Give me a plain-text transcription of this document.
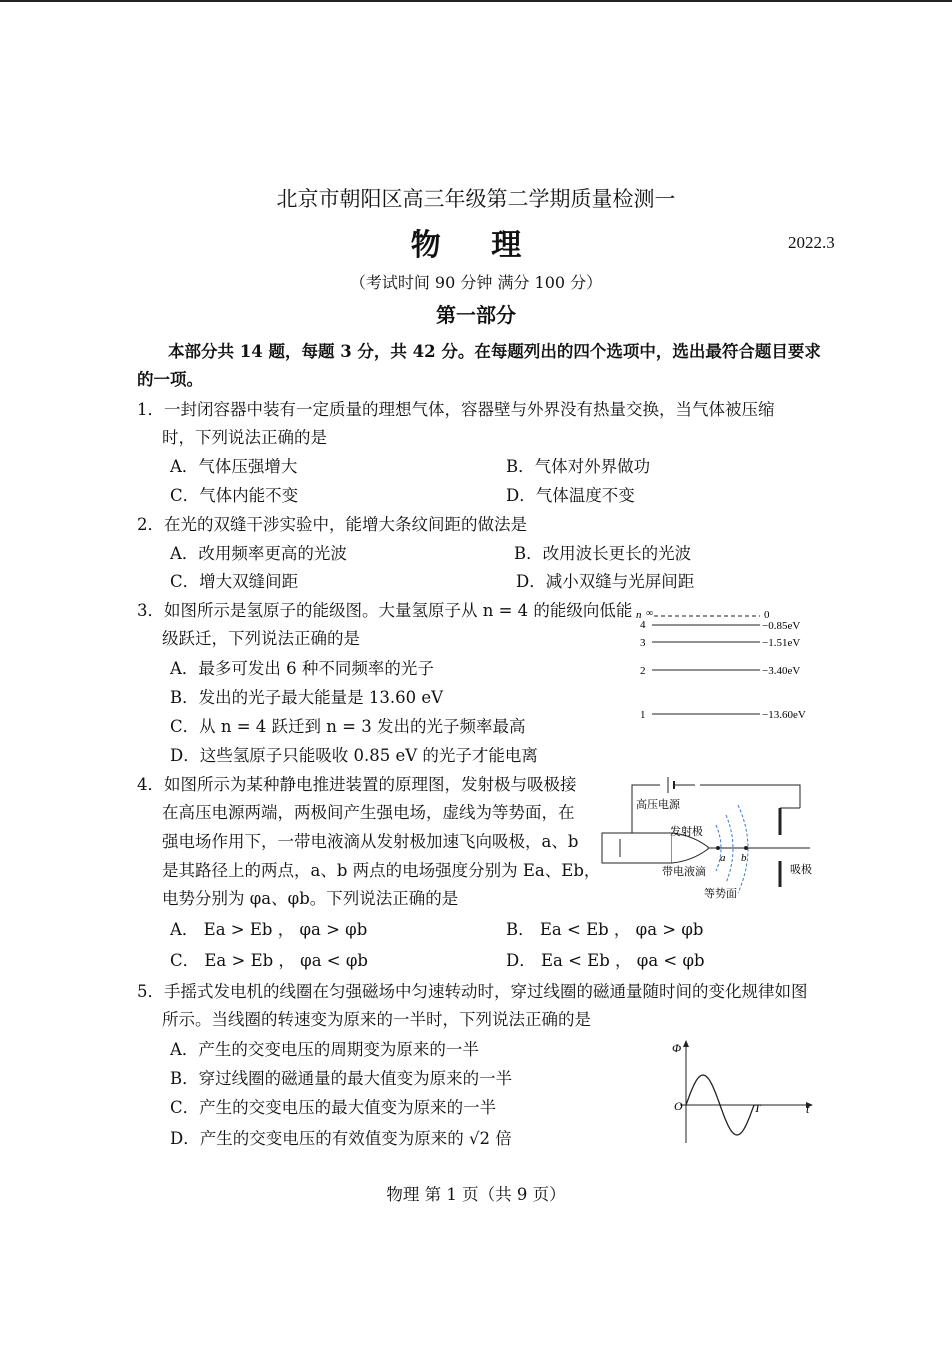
北京市朝阳区高三年级第二学期质量检测一
物 理	2022.3
（考试时间 90 分钟 满分 100 分）
第一部分
本部分共 14 题，每题 3 分，共 42 分。在每题列出的四个选项中，选出最符合题目要求
的一项。
1．一封闭容器中装有一定质量的理想气体，容器壁与外界没有热量交换，当气体被压缩
时，下列说法正确的是
A．气体压强增大	B．气体对外界做功
C．气体内能不变	D．气体温度不变
2．在光的双缝干涉实验中，能增大条纹间距的做法是
A．改用频率更高的光波	B．改用波长更长的光波
C．增大双缝间距	D．减小双缝与光屏间距
3．如图所示是氢原子的能级图。大量氢原子从 n = 4 的能级向低能
级跃迁，下列说法正确的是
A．最多可发出 6 种不同频率的光子
B．发出的光子最大能量是 13.60 eV
C．从 n = 4 跃迁到 n = 3 发出的光子频率最高
D．这些氢原子只能吸收 0.85 eV 的光子才能电离
n ∞	0
4	−0.85eV
3	−1.51eV
2	−3.40eV
1	−13.60eV
4．如图所示为某种静电推进装置的原理图，发射极与吸极接
在高压电源两端，两极间产生强电场，虚线为等势面，在
强电场作用下，一带电液滴从发射极加速飞向吸极，a、b
是其路径上的两点，a、b 两点的电场强度分别为 Ea、Eb，
电势分别为 φa、φb。下列说法正确的是
A． Ea > Eb ， φa > φb	B． Ea < Eb ， φa > φb
C． Ea > Eb ， φa < φb	D． Ea < Eb ， φa < φb
高压电源
发射极
a b
带电液滴
等势面
吸极
5．手摇式发电机的线圈在匀强磁场中匀速转动时，穿过线圈的磁通量随时间的变化规律如图
所示。当线圈的转速变为原来的一半时，下列说法正确的是
A．产生的交变电压的周期变为原来的一半
B．穿过线圈的磁通量的最大值变为原来的一半
C．产生的交变电压的最大值变为原来的一半
D．产生的交变电压的有效值变为原来的 √2 倍
Φ
t
O	T
物理 第 1 页（共 9 页）
